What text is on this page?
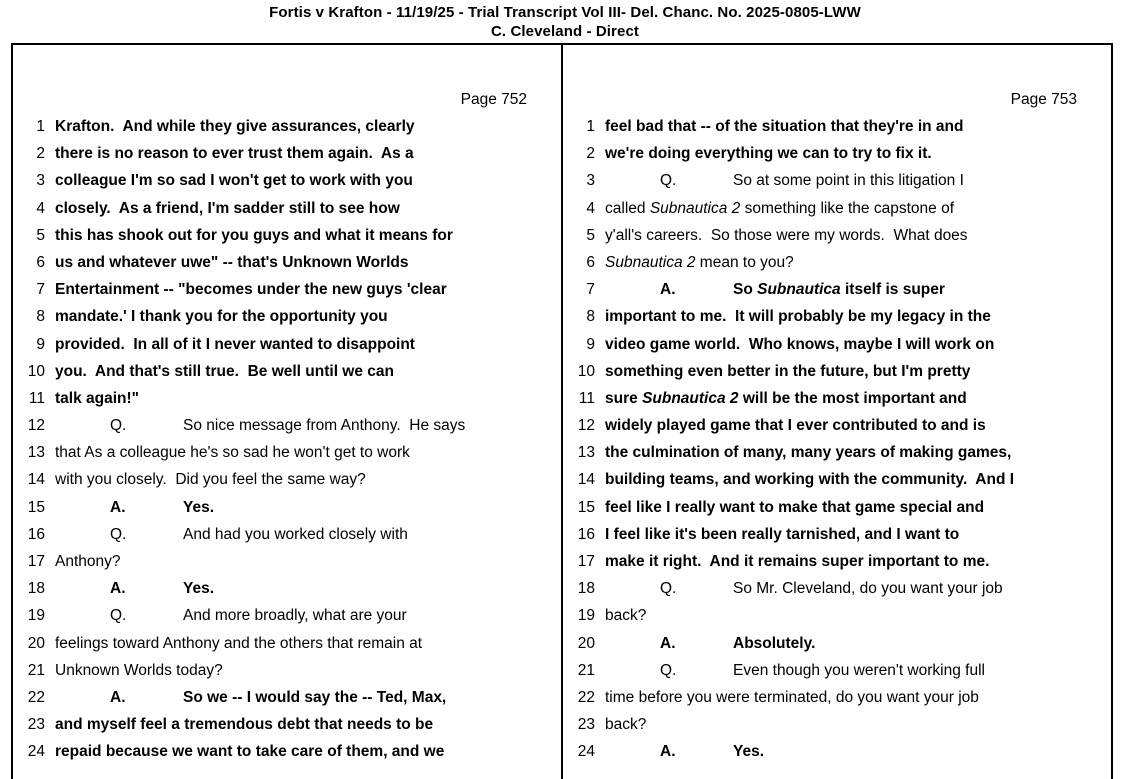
Fortis v Krafton - 11/19/25 - Trial Transcript Vol III- Del. Chanc. No. 2025-0805-LWW
C. Cleveland - Direct
Page 752
1 Krafton.  And while they give assurances, clearly
2 there is no reason to ever trust them again.  As a
3 colleague I'm so sad I won't get to work with you
4 closely.  As a friend, I'm sadder still to see how
5 this has shook out for you guys and what it means for
6 us and whatever uwe" -- that's Unknown Worlds
7 Entertainment -- "becomes under the new guys 'clear
8 mandate.' I thank you for the opportunity you
9 provided.  In all of it I never wanted to disappoint
10 you.  And that's still true.  Be well until we can
11 talk again!"
12	Q.	So nice message from Anthony.  He says
13 that As a colleague he's so sad he won't get to work
14 with you closely.  Did you feel the same way?
15	A.	Yes.
16	Q.	And had you worked closely with
17 Anthony?
18	A.	Yes.
19	Q.	And more broadly, what are your
20 feelings toward Anthony and the others that remain at
21 Unknown Worlds today?
22	A.	So we -- I would say the -- Ted, Max,
23 and myself feel a tremendous debt that needs to be
24 repaid because we want to take care of them, and we
Page 753
1 feel bad that -- of the situation that they're in and
2 we're doing everything we can to try to fix it.
3	Q.	So at some point in this litigation I
4 called Subnautica 2 something like the capstone of
5 y'all's careers.  So those were my words.  What does
6 Subnautica 2 mean to you?
7	A.	So Subnautica itself is super
8 important to me.  It will probably be my legacy in the
9 video game world.  Who knows, maybe I will work on
10 something even better in the future, but I'm pretty
11 sure Subnautica 2 will be the most important and
12 widely played game that I ever contributed to and is
13 the culmination of many, many years of making games,
14 building teams, and working with the community.  And I
15 feel like I really want to make that game special and
16 I feel like it's been really tarnished, and I want to
17 make it right.  And it remains super important to me.
18	Q.	So Mr. Cleveland, do you want your job
19 back?
20	A.	Absolutely.
21	Q.	Even though you weren't working full
22 time before you were terminated, do you want your job
23 back?
24	A.	Yes.
